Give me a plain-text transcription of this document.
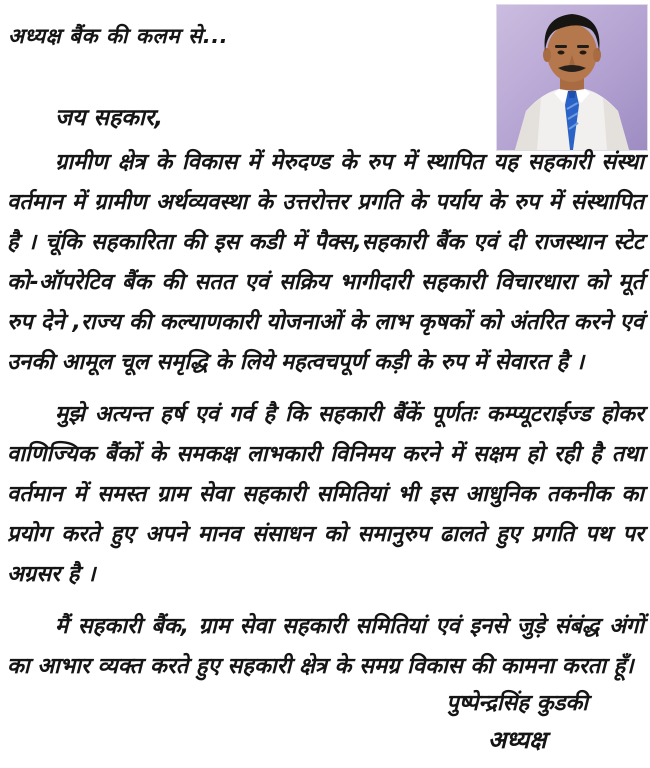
अध्यक्ष बैंक की कलम से...
जय सहकार,

ग्रामीण क्षेत्र के विकास में मेरुदण्ड के रुप में स्थापित यह सहकारी संस्था वर्तमान में ग्रामीण अर्थव्यवस्था के उत्तरोत्तर प्रगति के पर्याय के रुप में संस्थापित है । चूंकि सहकारिता की इस कडी में पैक्स,सहकारी बैंक एवं दी राजस्थान स्टेट को-ऑपरेटिव बैंक की सतत एवं सक्रिय भागीदारी सहकारी विचारधारा को मूर्त रुप देने ,राज्य की कल्याणकारी योजनाओं के लाभ कृषकों को अंतरित करने एवं उनकी आमूल चूल समृद्धि के लिये महत्वचपूर्ण कड़ी के रुप में सेवारत है ।

मुझे अत्यन्त हर्ष एवं गर्व है कि सहकारी बैंकें पूर्णतः कम्प्यूटराईज्ड होकर वाणिज्यिक बैंकों के समकक्ष लाभकारी विनिमय करने में सक्षम हो रही है तथा वर्तमान में समस्त ग्राम सेवा सहकारी समितियां भी इस आधुनिक तकनीक का प्रयोग करते हुए अपने मानव संसाधन को समानुरुप ढालते हुए प्रगति पथ पर अग्रसर है ।

मैं सहकारी बैंक, ग्राम सेवा सहकारी समितियां एवं इनसे जुड़े संबंद्ध अंगों का आभार व्यक्त करते हुए सहकारी क्षेत्र के समग्र विकास की कामना करता हूँ।

पुष्पेन्द्रसिंह कुडकी
अध्यक्ष
